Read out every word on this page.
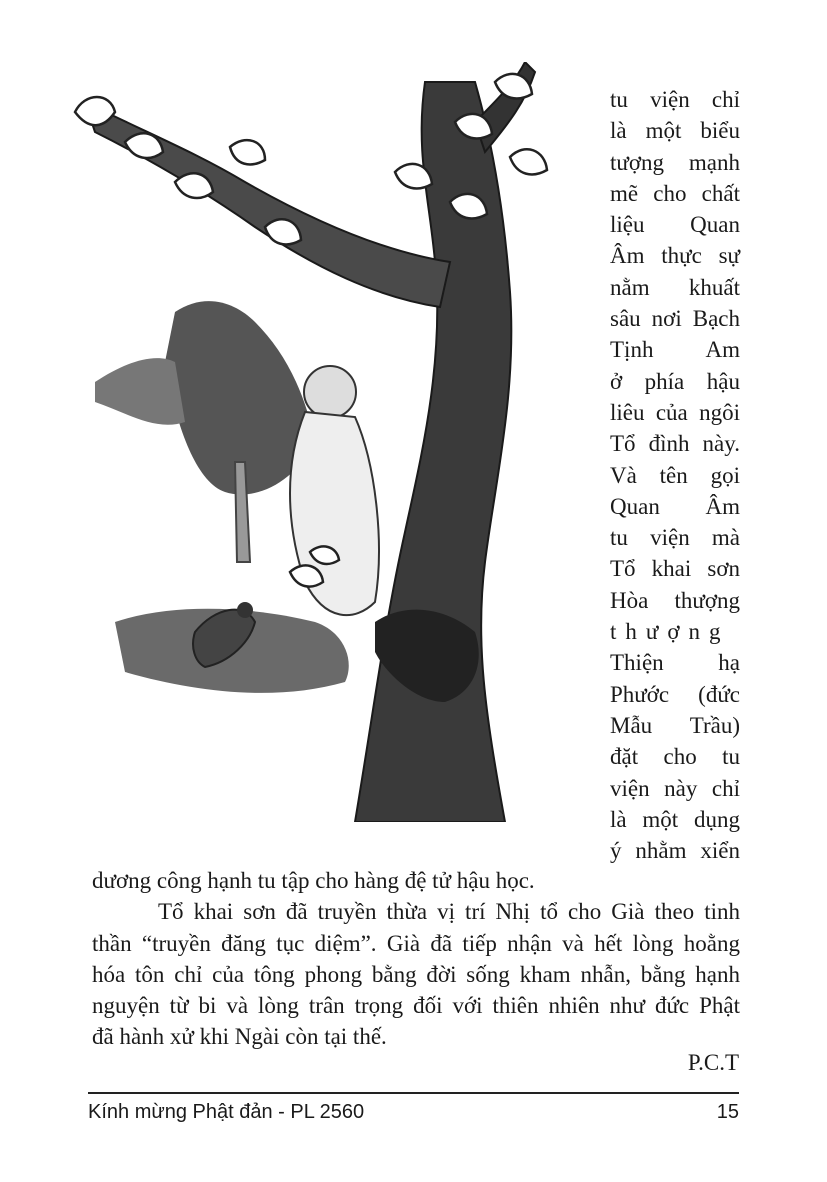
tu viện chỉ
là một biểu
tượng mạnh
mẽ cho chất
liệu Quan
Âm thực sự
nằm khuất
sâu nơi Bạch
Tịnh Am
ở phía hậu
liêu của ngôi
Tổ đình này.
Và tên gọi
Quan Âm
tu viện mà
Tổ khai sơn
Hòa thượng
thượng
Thiện hạ
Phước (đức
Mẫu Trầu)
đặt cho tu
viện này chỉ
là một dụng
ý nhằm xiển
dương công hạnh tu tập cho hàng đệ tử hậu học.
Tổ khai sơn đã truyền thừa vị trí Nhị tổ cho Già theo tinh
thần “truyền đăng tục diệm”. Già đã tiếp nhận và hết lòng hoằng
hóa tôn chỉ của tông phong bằng đời sống kham nhẫn, bằng hạnh
nguyện từ bi và lòng trân trọng đối với thiên nhiên như đức Phật
đã hành xử khi Ngài còn tại thế.
P.C.T
Kính mừng Phật đản - PL 2560	15
